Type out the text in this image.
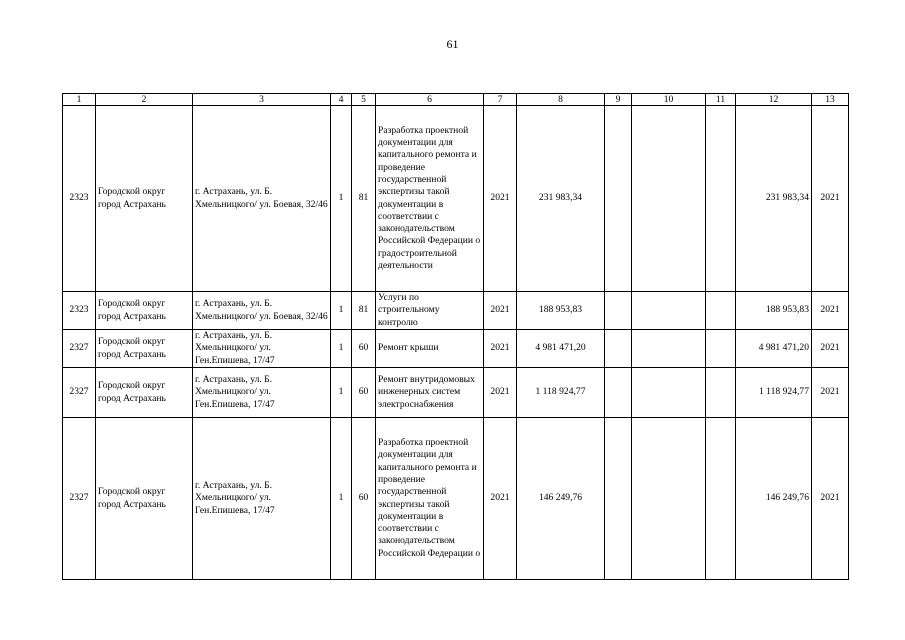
61
1	2	3	4	5	6	7	8	9	10	11	12	13
2323	Городской округ город Астрахань	г. Астрахань, ул. Б. Хмельницкого/ ул. Боевая, 32/46	1	81	Разработка проектной документации для капитального ремонта и проведение государственной экспертизы такой документации в соответствии с законодательством Российской Федерации о градостроительной деятельности	2021	231 983,34				231 983,34	2021
2323	Городской округ город Астрахань	г. Астрахань, ул. Б. Хмельницкого/ ул. Боевая, 32/46	1	81	Услуги по строительному контролю	2021	188 953,83				188 953,83	2021
2327	Городской округ город Астрахань	г. Астрахань, ул. Б. Хмельницкого/ ул. Ген.Епишева, 17/47	1	60	Ремонт крыши	2021	4 981 471,20				4 981 471,20	2021
2327	Городской округ город Астрахань	г. Астрахань, ул. Б. Хмельницкого/ ул. Ген.Епишева, 17/47	1	60	Ремонт внутридомовых инженерных систем электроснабжения	2021	1 118 924,77				1 118 924,77	2021
2327	Городской округ город Астрахань	г. Астрахань, ул. Б. Хмельницкого/ ул. Ген.Епишева, 17/47	1	60	Разработка проектной документации для капитального ремонта и проведение государственной экспертизы такой документации в соответствии с законодательством Российской Федерации о	2021	146 249,76				146 249,76	2021
